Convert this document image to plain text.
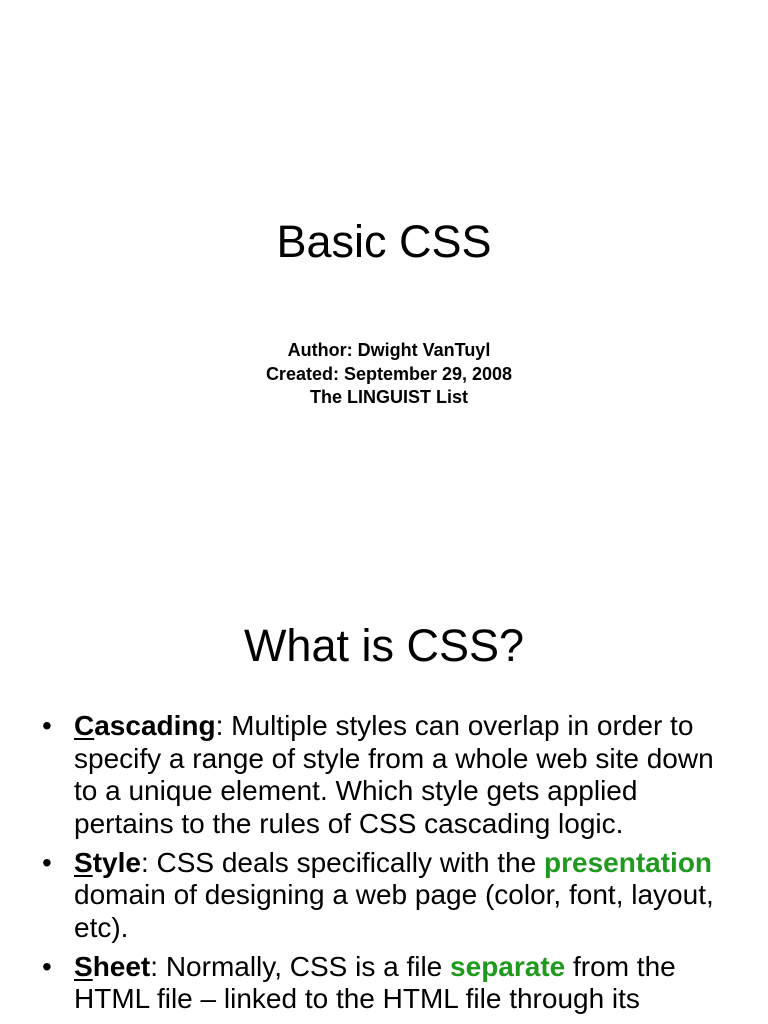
Basic CSS
Author: Dwight VanTuyl
Created: September 29, 2008
The LINGUIST List
What is CSS?
• Cascading: Multiple styles can overlap in order to specify a range of style from a whole web site down to a unique element. Which style gets applied pertains to the rules of CSS cascading logic.
• Style: CSS deals specifically with the presentation domain of designing a web page (color, font, layout, etc).
• Sheet: Normally, CSS is a file separate from the HTML file – linked to the HTML file through its
